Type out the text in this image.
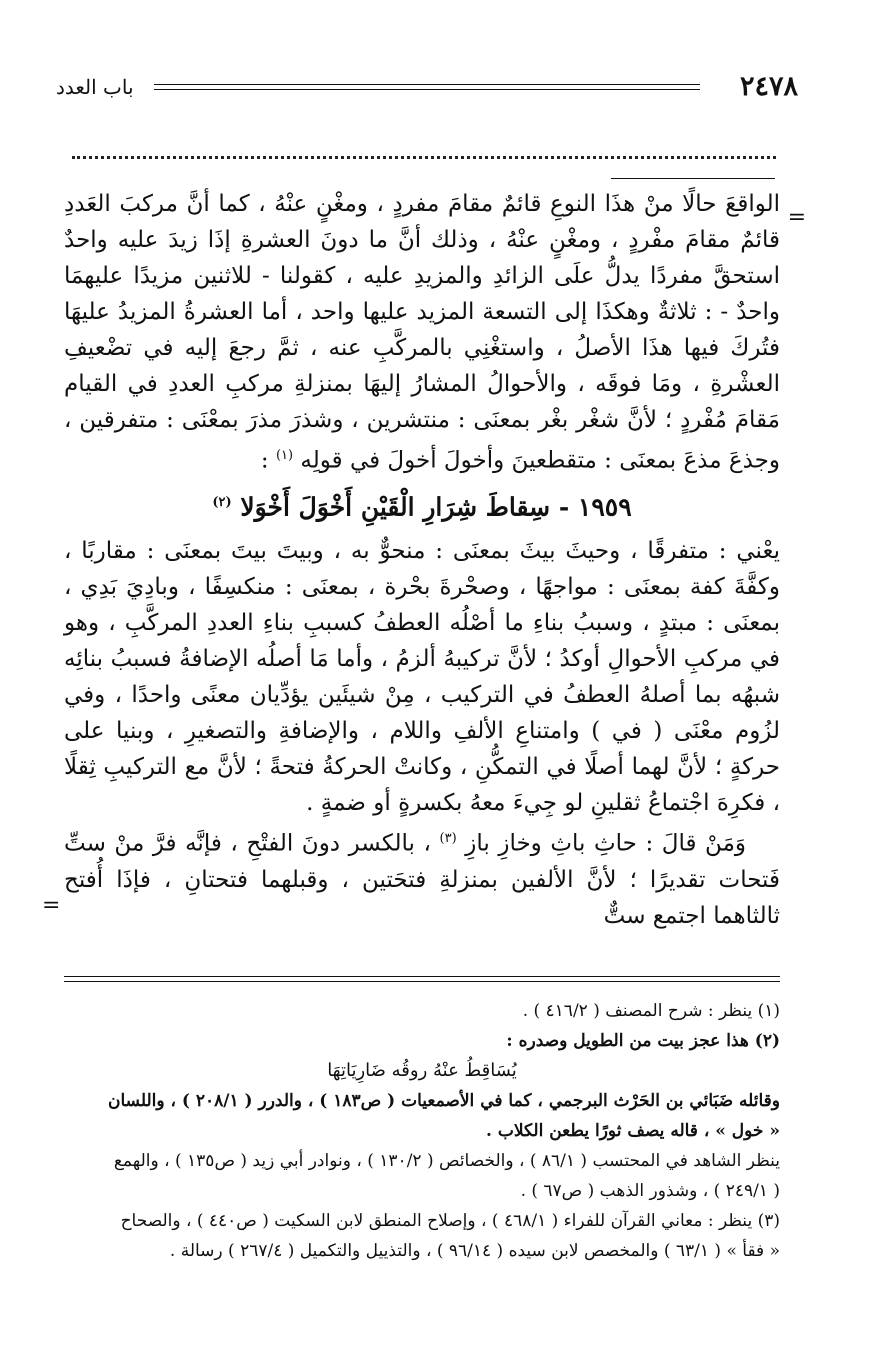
٢٤٧٨
باب العدد
=

الواقعَ حالًا منْ هذَا النوعِ قائمٌ مقامَ مفردٍ ، ومغْنٍ عنْهُ ، كما أنَّ مركبَ العَددِ قائمٌ مقامَ مفْردٍ ، ومغْنٍ عنْهُ ، وذلك أنَّ ما دونَ العشرةِ إذَا زيدَ عليه واحدٌ استحقَّ مفردًا يدلُّ علَى الزائدِ والمزيدِ عليه ، كقولنا - للاثنين مزيدًا عليهمَا واحدٌ - : ثلاثةٌ وهكذَا إلى التسعة المزيد عليها واحد ، أما العشرةُ المزيدُ عليهَا فتُركَ فيها هذَا الأصلُ ، واستغْنِي بالمركَّبِ عنه ، ثمَّ رجعَ إليه في تضْعيفِ العشْرةِ ، ومَا فوقَه ، والأحوالُ المشارُ إليهَا بمنزلةِ مركبِ العددِ في القيام مَقامَ مُفْردٍ ؛ لأنَّ شغْر بغْر بمعنَى : منتشرين ، وشذرَ مذرَ بمعْنَى : متفرقين ، وجذعَ مذعَ بمعنَى : متقطعينَ وأخولَ أخولَ في قولِه $^{(١)}$ :

١٩٥٩ - سِقاطَ شِرَارِ الْقَيْنِ أَخْوَلَ أَخْوَلا $^{(٢)}$

يعْني : متفرقًا ، وحيثَ بيثَ بمعنَى : منحوٌّ به ، وبيتَ بيتَ بمعنَى : مقاربًا ، وكفَّةَ كفة بمعنَى : مواجهًا ، وصحْرةَ بحْرة ، بمعنَى : منكسِفًا ، وبادِيَ بَدِي ، بمعنَى : مبتدٍ ، وسببُ بناءِ ما أصْلُه العطفُ كسببِ بناءِ العددِ المركَّبِ ، وهو في مركبِ الأحوالِ أوكدُ ؛ لأنَّ تركيبهُ ألزمُ ، وأما مَا أصلُه الإضافةُ فسببُ بنائِه شبهُه بما أصلهُ العطفُ في التركيب ، مِنْ شيئَين يؤدِّيان معنًى واحدًا ، وفي لزُوم معْنَى ( في ) وامتناعِ الألفِ واللام ، والإضافةِ والتصغيرِ ، وبنيا على حركةٍ ؛ لأنَّ لهما أصلًا في التمكُّنِ ، وكانتْ الحركةُ فتحةً ؛ لأنَّ مع التركيبِ ثِقلًا ، فكرِهَ اجْتماعُ ثقلينِ لو جِيءَ معهُ بكسرةٍ أو ضمةٍ .

وَمَنْ قالَ : حاثِ باثِ وخازِ بازِ $^{(٣)}$ ، بالكسر دونَ الفتْحِ ، فإنَّه فرَّ منْ ستِّ فَتحات تقديرًا ؛ لأنَّ الألفين بمنزلةِ فتحَتين ، وقبلهما فتحتانِ ، فإذَا أُفتح ثالثاهما اجتمع ستٌّ

=

(١) ينظر : شرح المصنف ( ٤١٦/٢ ) .

(٢) هذا عجز بيت من الطويل وصدره :

يُسَاقِطُ عنْهُ روقُه ضَارِيَاتِهَا

وقائله ضَبَائي بن الحَرْث البرجمي ، كما في الأصمعيات ( ص١٨٣ ) ، والدرر ( ٢٠٨/١ ) ، واللسان

« خول » ، قاله يصف ثورًا يطعن الكلاب .

ينظر الشاهد في المحتسب ( ٨٦/١ ) ، والخصائص ( ١٣٠/٢ ) ، ونوادر أبي زيد ( ص١٣٥ ) ، والهمع

( ٢٤٩/١ ) ، وشذور الذهب ( ص٦٧ ) .

(٣) ينظر : معاني القرآن للفراء ( ٤٦٨/١ ) ، وإصلاح المنطق لابن السكيت ( ص٤٤٠ ) ، والصحاح

« فقأ » ( ٦٣/١ ) والمخصص لابن سيده ( ٩٦/١٤ ) ، والتذييل والتكميل ( ٢٦٧/٤ ) رسالة .
